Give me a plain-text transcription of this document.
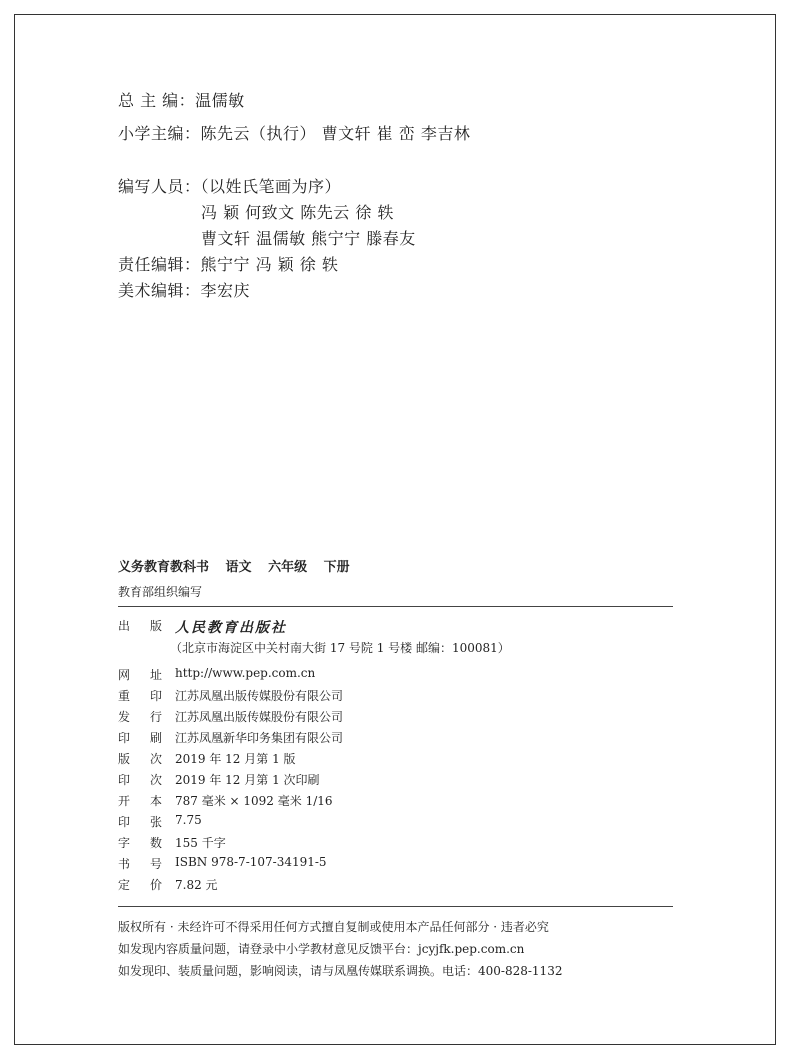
总 主 编：温儒敏
小学主编：陈先云（执行） 曹文轩 崔 峦 李吉林
编写人员：（以姓氏笔画为序）
冯 颖 何致文 陈先云 徐 轶
曹文轩 温儒敏 熊宁宁 滕春友
责任编辑：熊宁宁 冯 颖 徐 轶
美术编辑：李宏庆
义务教育教科书 语文 六年级 下册
教育部组织编写
出 版 人民教育出版社
（北京市海淀区中关村南大街 17 号院 1 号楼 邮编：100081）
网 址 http://www.pep.com.cn
重 印 江苏凤凰出版传媒股份有限公司
发 行 江苏凤凰出版传媒股份有限公司
印 刷 江苏凤凰新华印务集团有限公司
版 次 2019 年 12 月第 1 版
印 次 2019 年 12 月第 1 次印刷
开 本 787 毫米 × 1092 毫米 1/16
印 张 7.75
字 数 155 千字
书 号 ISBN 978-7-107-34191-5
定 价 7.82 元
版权所有 · 未经许可不得采用任何方式擅自复制或使用本产品任何部分 · 违者必究
如发现内容质量问题，请登录中小学教材意见反馈平台：jcyjfk.pep.com.cn
如发现印、装质量问题，影响阅读，请与凤凰传媒联系调换。电话：400-828-1132
